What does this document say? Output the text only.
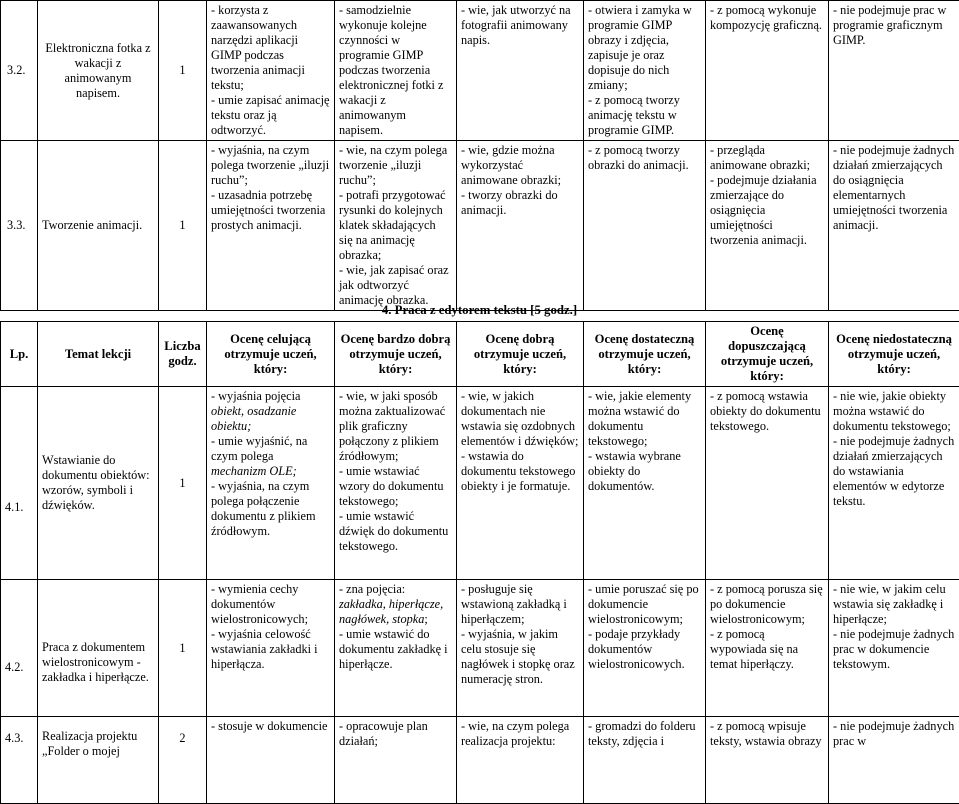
3.2.	Elektroniczna fotka z wakacji z animowanym napisem.	1	- korzysta z zaawansowanych narzędzi aplikacji GIMP podczas tworzenia animacji tekstu;
- umie zapisać animację tekstu oraz ją odtworzyć.	- samodzielnie wykonuje kolejne czynności w programie GIMP podczas tworzenia elektronicznej fotki z wakacji z animowanym napisem.	- wie, jak utworzyć na fotografii animowany napis.	- otwiera i zamyka w programie GIMP obrazy i zdjęcia, zapisuje je oraz dopisuje do nich zmiany;
- z pomocą tworzy animację tekstu w programie GIMP.	- z pomocą wykonuje kompozycję graficzną.	- nie podejmuje prac w programie graficznym GIMP.
3.3.	Tworzenie animacji.	1	- wyjaśnia, na czym polega tworzenie „iluzji ruchu”;
- uzasadnia potrzebę umiejętności tworzenia prostych animacji.	- wie, na czym polega tworzenie „iluzji ruchu”;
- potrafi przygotować rysunki do kolejnych klatek składających się na animację obrazka;
- wie, jak zapisać oraz jak odtworzyć animację obrazka.	- wie, gdzie można wykorzystać animowane obrazki;
- tworzy obrazki do animacji.	- z pomocą tworzy obrazki do animacji.	- przegląda animowane obrazki;
- podejmuje działania zmierzające do osiągnięcia umiejętności tworzenia animacji.	- nie podejmuje żadnych działań zmierzających do osiągnięcia elementarnych umiejętności tworzenia animacji.
4. Praca z edytorem tekstu [5 godz.]
Lp.	Temat lekcji	Liczba godz.	Ocenę celującą otrzymuje uczeń, który:	Ocenę bardzo dobrą otrzymuje uczeń, który:	Ocenę dobrą otrzymuje uczeń, który:	Ocenę dostateczną otrzymuje uczeń, który:	Ocenę dopuszczającą otrzymuje uczeń, który:	Ocenę niedostateczną otrzymuje uczeń, który:
4.1.	Wstawianie do dokumentu obiektów: wzorów, symboli i dźwięków.	1	- wyjaśnia pojęcia obiekt, osadzanie obiektu;
- umie wyjaśnić, na czym polega mechanizm OLE;
- wyjaśnia, na czym polega połączenie dokumentu z plikiem źródłowym.	- wie, w jaki sposób można zaktualizować plik graficzny połączony z plikiem źródłowym;
- umie wstawiać wzory do dokumentu tekstowego;
- umie wstawić dźwięk do dokumentu tekstowego.	- wie, w jakich dokumentach nie wstawia się ozdobnych elementów i dźwięków;
- wstawia do dokumentu tekstowego obiekty i je formatuje.	- wie, jakie elementy można wstawić do dokumentu tekstowego;
- wstawia wybrane obiekty do dokumentów.	- z pomocą wstawia obiekty do dokumentu tekstowego.	- nie wie, jakie obiekty można wstawić do dokumentu tekstowego;
- nie podejmuje żadnych działań zmierzających do wstawiania elementów w edytorze tekstu.
4.2.	Praca z dokumentem wielostronicowym - zakładka i hiperłącze.	1	- wymienia cechy dokumentów wielostronicowych;
- wyjaśnia celowość wstawiania zakładki i hiperłącza.	- zna pojęcia: zakładka, hiperłącze, nagłówek, stopka;
- umie wstawić do dokumentu zakładkę i hiperłącze.	- posługuje się wstawioną zakładką i hiperłączem;
- wyjaśnia, w jakim celu stosuje się nagłówek i stopkę oraz numerację stron.	- umie poruszać się po dokumencie wielostronicowym;
- podaje przykłady dokumentów wielostronicowych.	- z pomocą porusza się po dokumencie wielostronicowym;
- z pomocą wypowiada się na temat hiperłączy.	- nie wie, w jakim celu wstawia się zakładkę i hiperłącze;
- nie podejmuje żadnych prac w dokumencie tekstowym.
4.3.	Realizacja projektu „Folder o mojej	2	- stosuje w dokumencie	- opracowuje plan działań;	- wie, na czym polega realizacja projektu:	- gromadzi do folderu teksty, zdjęcia i	- z pomocą wpisuje teksty, wstawia obrazy	- nie podejmuje żadnych prac w
